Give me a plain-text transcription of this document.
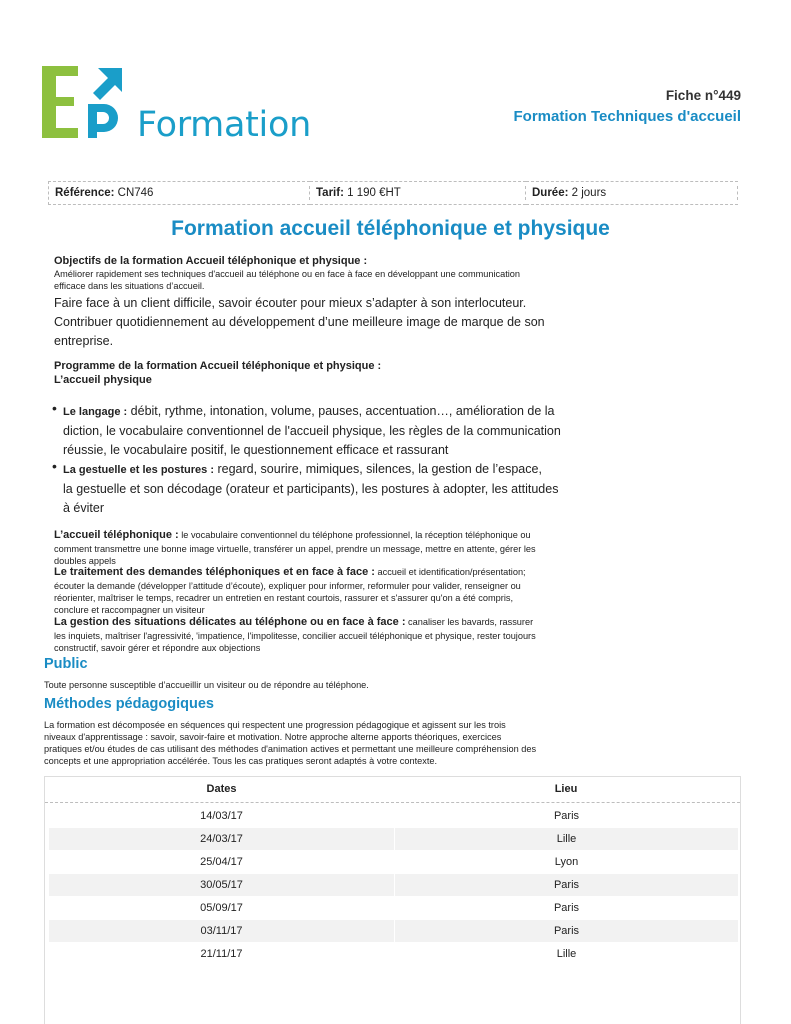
Formation
Fiche n°449
Formation Techniques d'accueil
Référence: CN746	Tarif: 1 190 €HT	Durée: 2 jours
Formation accueil téléphonique et physique
Objectifs de la formation Accueil téléphonique et physique :
Améliorer rapidement ses techniques d'accueil au téléphone ou en face à face en développant une communication
efficace dans les situations d’accueil.
Faire face à un client difficile, savoir écouter pour mieux s’adapter à son interlocuteur.
Contribuer quotidiennement au développement d’une meilleure image de marque de son
entreprise.
Programme de la formation Accueil téléphonique et physique :
L’accueil physique
• Le langage : débit, rythme, intonation, volume, pauses, accentuation…, amélioration de la
diction, le vocabulaire conventionnel de l'accueil physique, les règles de la communication
réussie, le vocabulaire positif, le questionnement efficace et rassurant
• La gestuelle et les postures : regard, sourire, mimiques, silences, la gestion de l’espace,
la gestuelle et son décodage (orateur et participants), les postures à adopter, les attitudes
à éviter
L’accueil téléphonique : le vocabulaire conventionnel du téléphone professionnel, la réception téléphonique ou
comment transmettre une bonne image virtuelle, transférer un appel, prendre un message, mettre en attente, gérer les
doubles appels
Le traitement des demandes téléphoniques et en face à face : accueil et identification/présentation;
écouter la demande (développer l’attitude d’écoute), expliquer pour informer, reformuler pour valider, renseigner ou
réorienter, maîtriser le temps, recadrer un entretien en restant courtois, rassurer et s'assurer qu'on a été compris,
conclure et raccompagner un visiteur
La gestion des situations délicates au téléphone ou en face à face : canaliser les bavards, rassurer
les inquiets, maîtriser l'agressivité, 'impatience, l'impolitesse, concilier accueil téléphonique et physique, rester toujours
constructif, savoir gérer et répondre aux objections
Public
Toute personne susceptible d’accueillir un visiteur ou de répondre au téléphone.
Méthodes pédagogiques
La formation est décomposée en séquences qui respectent une progression pédagogique et agissent sur les trois
niveaux d'apprentissage : savoir, savoir-faire et motivation. Notre approche alterne apports théoriques, exercices
pratiques et/ou études de cas utilisant des méthodes d'animation actives et permettant une meilleure compréhension des
concepts et une appropriation accélérée. Tous les cas pratiques seront adaptés à votre contexte.
Dates	Lieu
14/03/17	Paris
24/03/17	Lille
25/04/17	Lyon
30/05/17	Paris
05/09/17	Paris
03/11/17	Paris
21/11/17	Lille
